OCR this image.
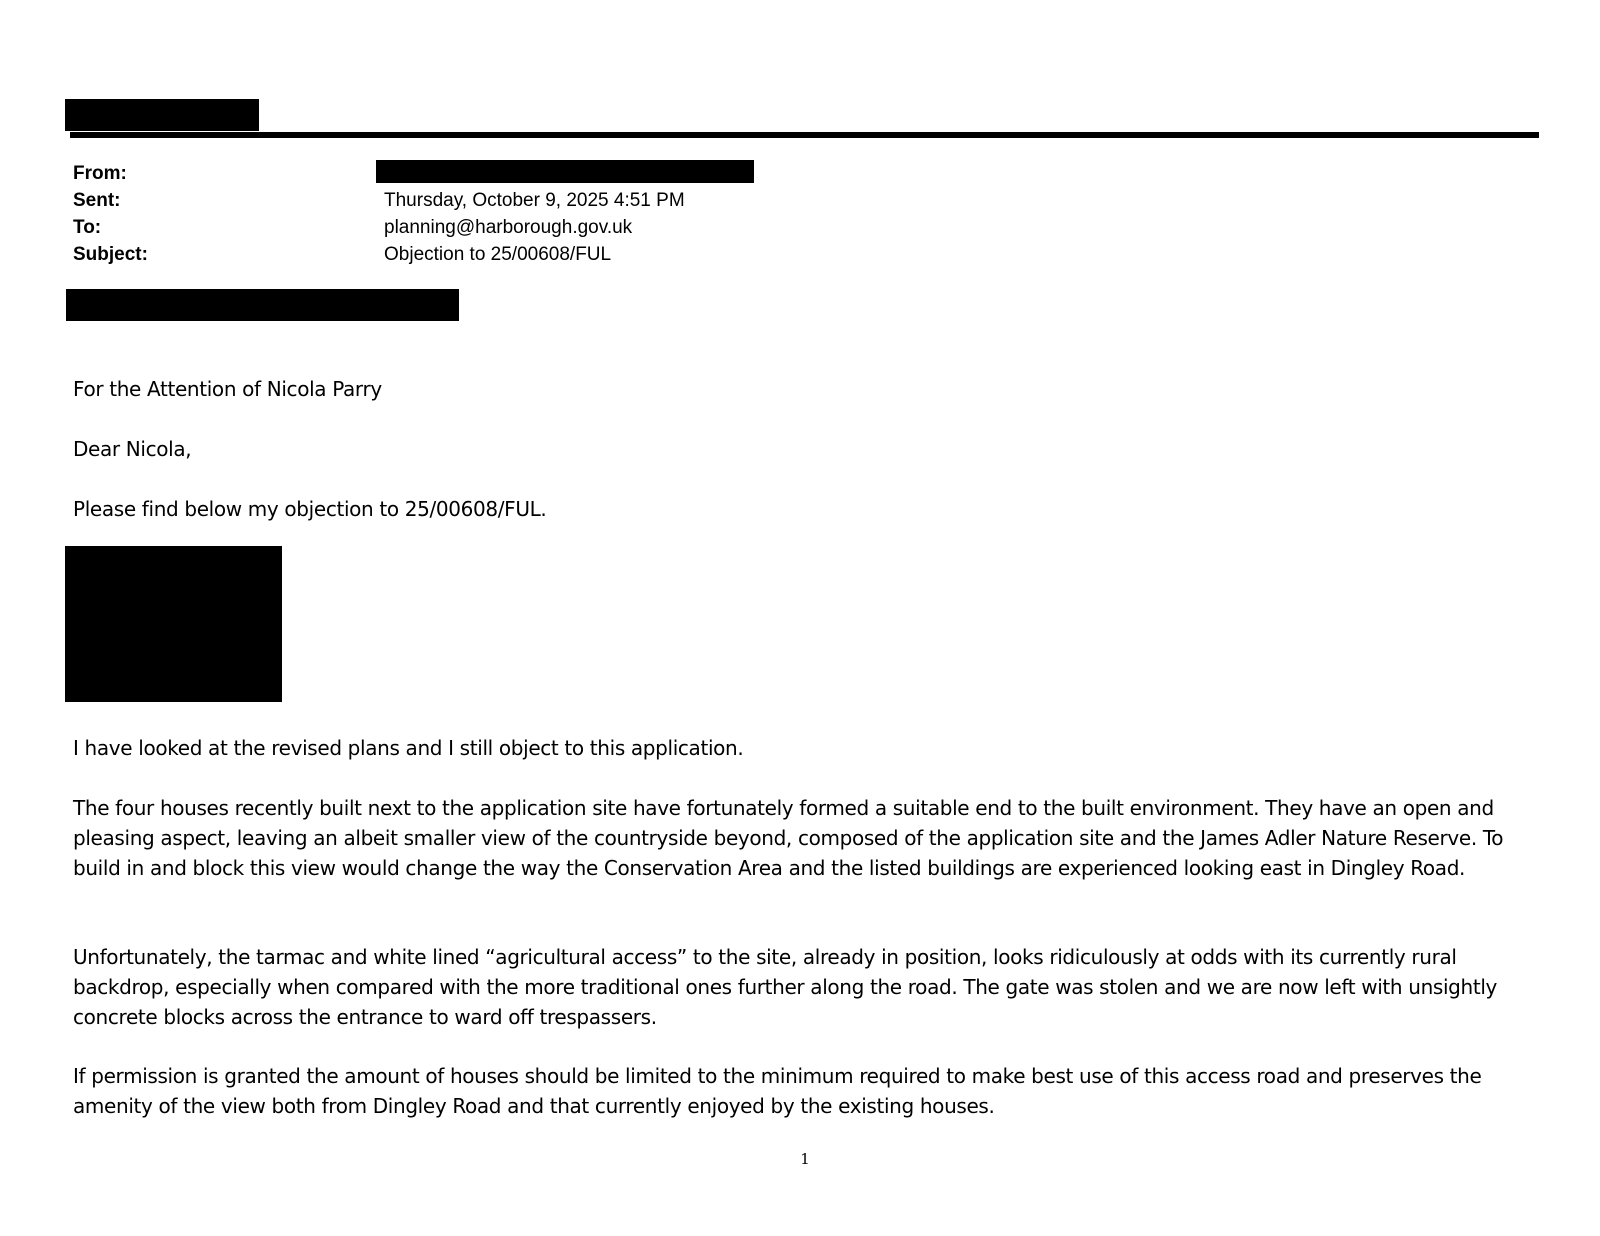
From:
Sent:	Thursday, October 9, 2025 4:51 PM
To:	planning@harborough.gov.uk
Subject:	Objection to 25/00608/FUL
For the Attention of Nicola Parry
Dear Nicola,
Please find below my objection to 25/00608/FUL.
I have looked at the revised plans and I still object to this application.
The four houses recently built next to the application site have fortunately formed a suitable end to the built environment. They have an open and pleasing aspect, leaving an albeit smaller view of the countryside beyond, composed of the application site and the James Adler Nature Reserve. To build in and block this view would change the way the Conservation Area and the listed buildings are experienced looking east in Dingley Road.
Unfortunately, the tarmac and white lined “agricultural access” to the site, already in position, looks ridiculously at odds with its currently rural backdrop, especially when compared with the more traditional ones further along the road. The gate was stolen and we are now left with unsightly concrete blocks across the entrance to ward off trespassers.
If permission is granted the amount of houses should be limited to the minimum required to make best use of this access road and preserves the amenity of the view both from Dingley Road and that currently enjoyed by the existing houses.
1
